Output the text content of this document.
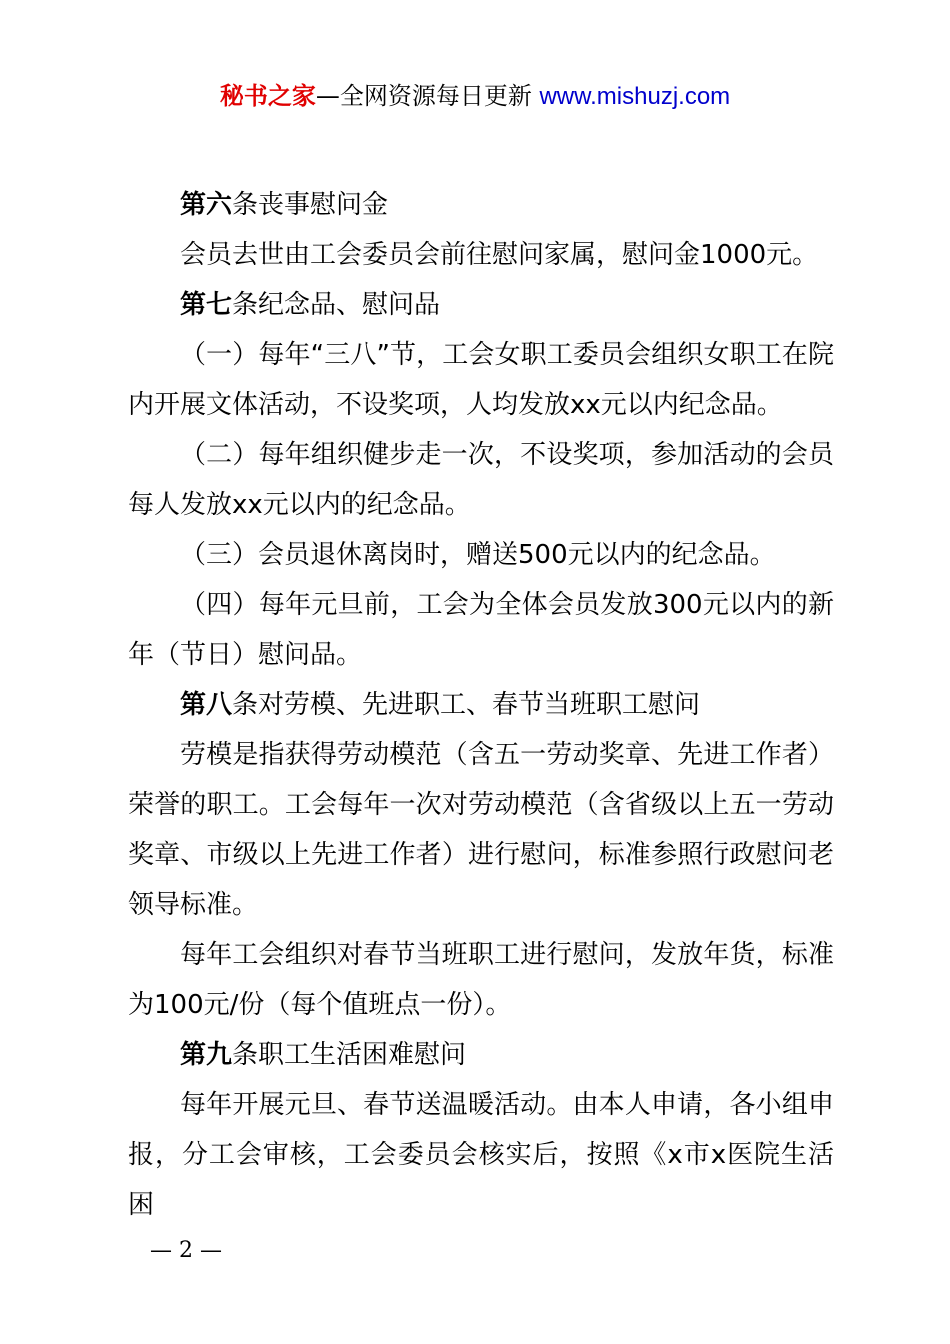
秘书之家—全网资源每日更新 www.mishuzj.com

第六条丧事慰问金

会员去世由工会委员会前往慰问家属，慰问金1000元。

第七条纪念品、慰问品

（一）每年“三八”节，工会女职工委员会组织女职工在院内开展文体活动，不设奖项，人均发放xx元以内纪念品。

（二）每年组织健步走一次，不设奖项，参加活动的会员每人发放xx元以内的纪念品。

（三）会员退休离岗时，赠送500元以内的纪念品。

（四）每年元旦前，工会为全体会员发放300元以内的新年（节日）慰问品。

第八条对劳模、先进职工、春节当班职工慰问

劳模是指获得劳动模范（含五一劳动奖章、先进工作者）荣誉的职工。工会每年一次对劳动模范（含省级以上五一劳动奖章、市级以上先进工作者）进行慰问，标准参照行政慰问老领导标准。

每年工会组织对春节当班职工进行慰问，发放年货，标准为100元/份（每个值班点一份）。

第九条职工生活困难慰问

每年开展元旦、春节送温暖活动。由本人申请，各小组申报，分工会审核，工会委员会核实后，按照《x市x医院生活困

— 2 —
